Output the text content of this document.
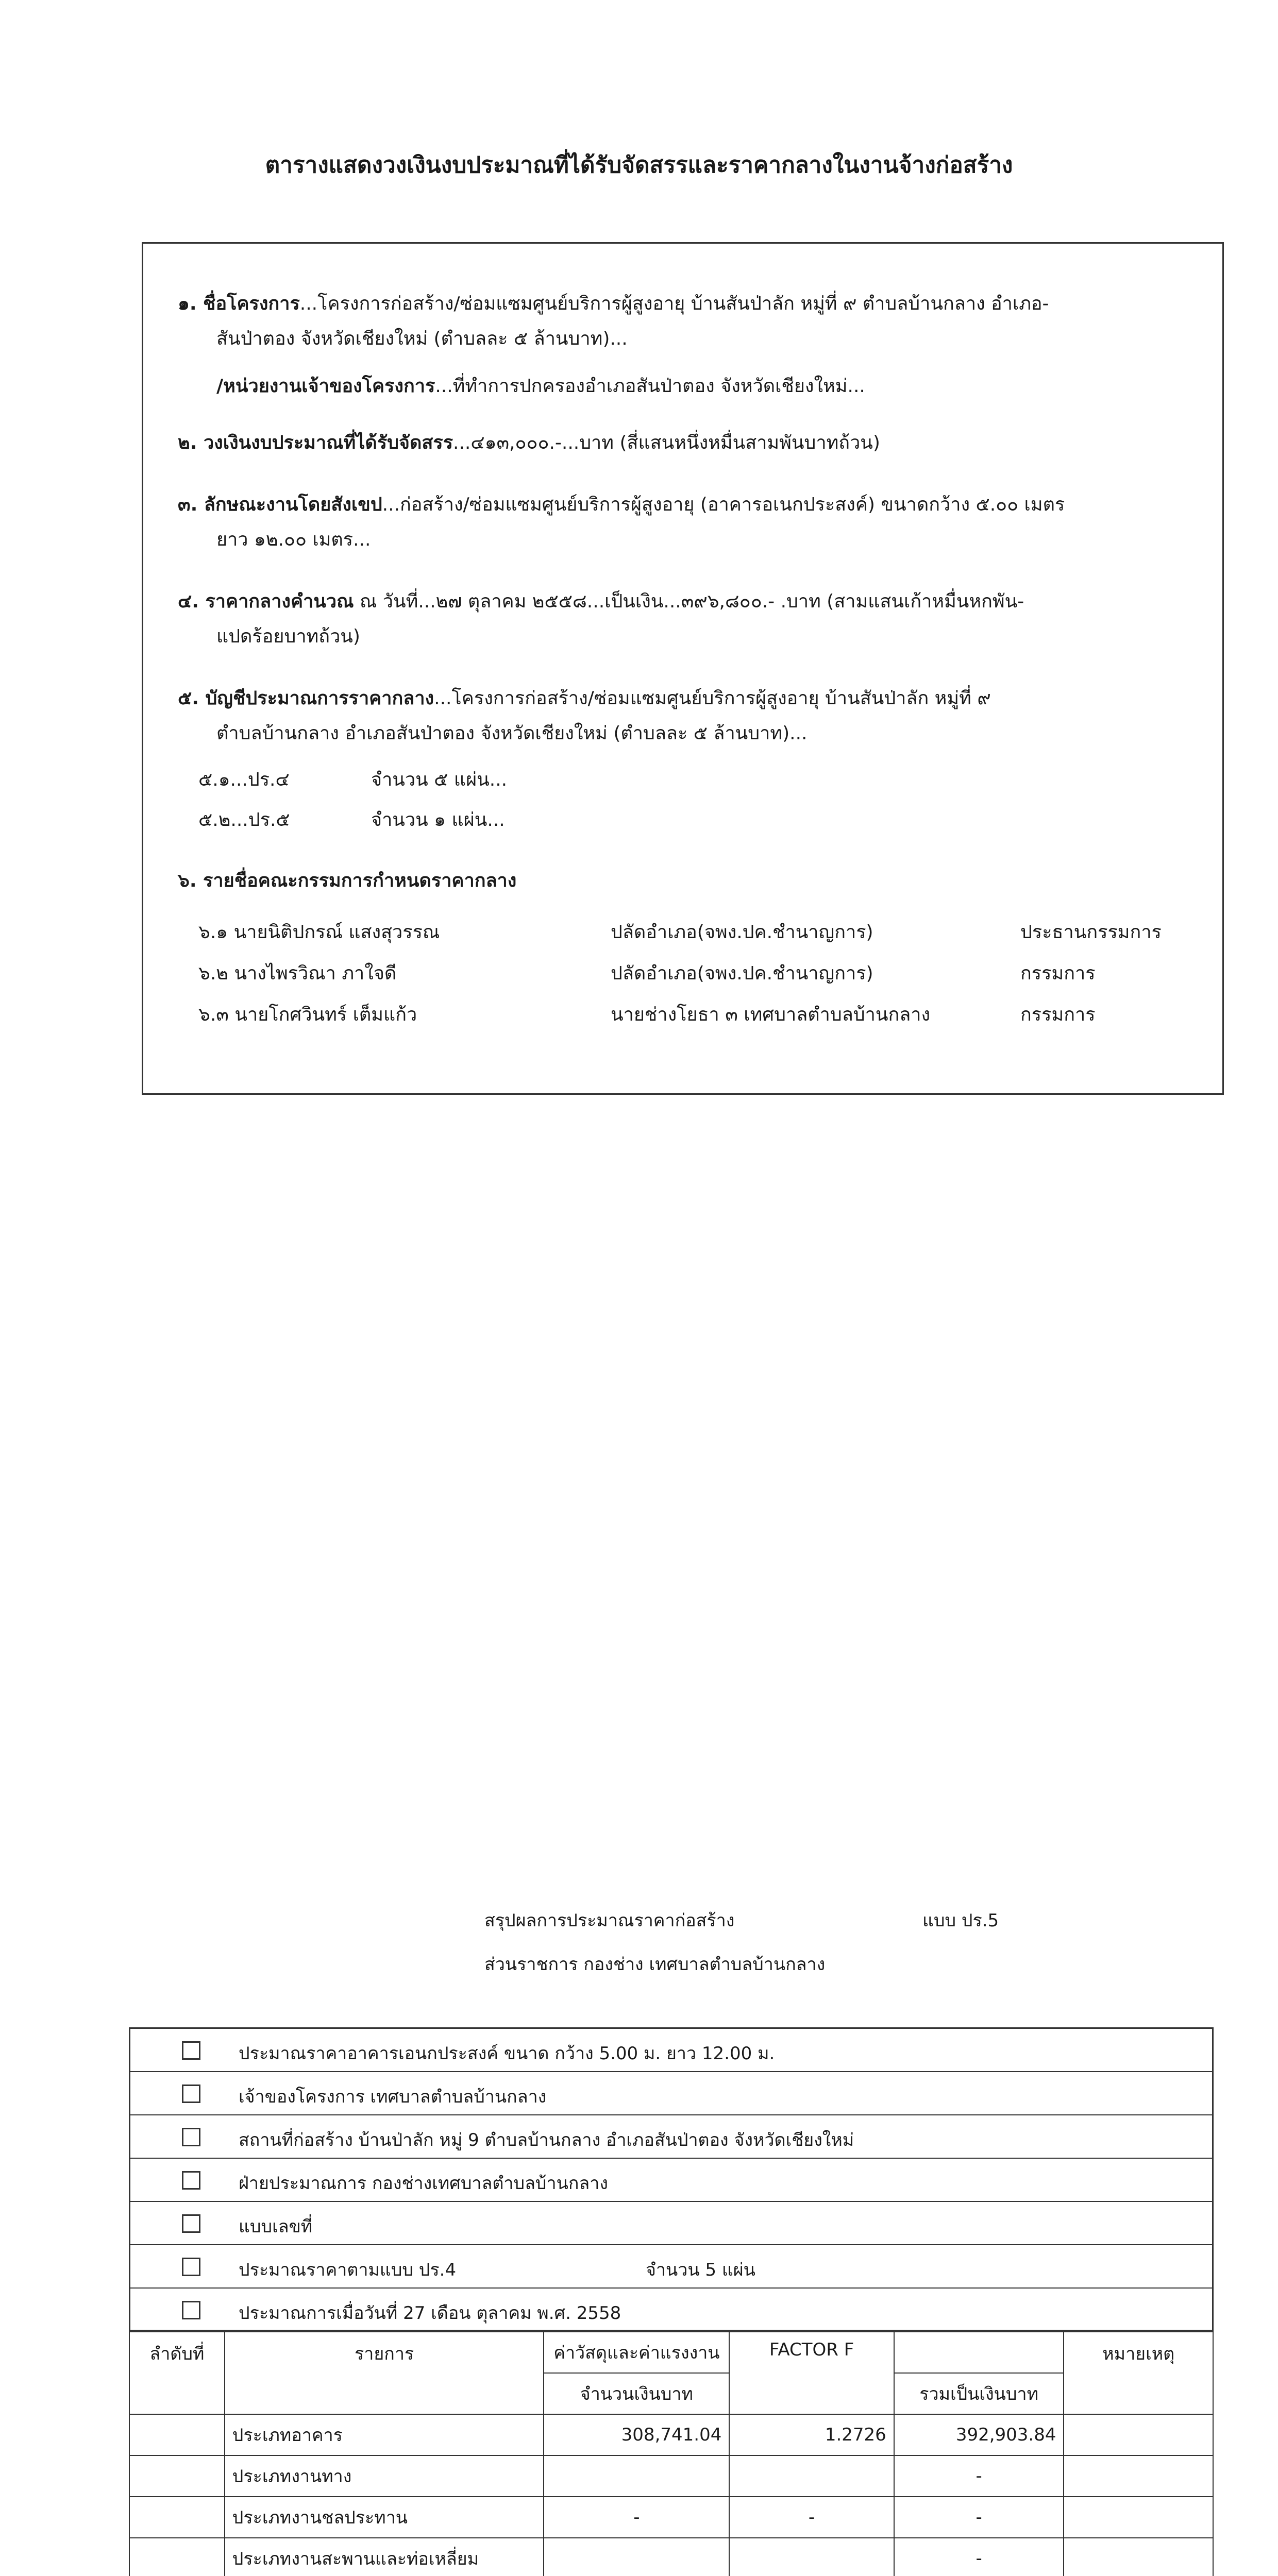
ตารางแสดงวงเงินงบประมาณที่ได้รับจัดสรรและราคากลางในงานจ้างก่อสร้าง
๑. ชื่อโครงการ...โครงการก่อสร้าง/ซ่อมแซมศูนย์บริการผู้สูงอายุ บ้านสันป่าลัก หมู่ที่ ๙ ตำบลบ้านกลาง อำเภอ-
สันป่าตอง จังหวัดเชียงใหม่ (ตำบลละ ๕ ล้านบาท)...
/หน่วยงานเจ้าของโครงการ...ที่ทำการปกครองอำเภอสันป่าตอง จังหวัดเชียงใหม่...
๒. วงเงินงบประมาณที่ได้รับจัดสรร...๔๑๓,๐๐๐.-...บาท (สี่แสนหนึ่งหมื่นสามพันบาทถ้วน)
๓. ลักษณะงานโดยสังเขป...ก่อสร้าง/ซ่อมแซมศูนย์บริการผู้สูงอายุ (อาคารอเนกประสงค์) ขนาดกว้าง ๕.๐๐ เมตร
ยาว ๑๒.๐๐ เมตร...
๔. ราคากลางคำนวณ ณ วันที่...๒๗ ตุลาคม ๒๕๕๘...เป็นเงิน...๓๙๖,๘๐๐.- .บาท (สามแสนเก้าหมื่นหกพัน-
แปดร้อยบาทถ้วน)
๕. บัญชีประมาณการราคากลาง...โครงการก่อสร้าง/ซ่อมแซมศูนย์บริการผู้สูงอายุ บ้านสันป่าลัก หมู่ที่ ๙
ตำบลบ้านกลาง อำเภอสันป่าตอง จังหวัดเชียงใหม่ (ตำบลละ ๕ ล้านบาท)...
๕.๑...ปร.๔	จำนวน ๕ แผ่น...
๕.๒...ปร.๕	จำนวน ๑ แผ่น...
๖. รายชื่อคณะกรรมการกำหนดราคากลาง
๖.๑ นายนิติปกรณ์ แสงสุวรรณ	ปลัดอำเภอ(จพง.ปค.ชำนาญการ)	ประธานกรรมการ
๖.๒ นางไพรวิณา ภาใจดี	ปลัดอำเภอ(จพง.ปค.ชำนาญการ)	กรรมการ
๖.๓ นายโกศวินทร์ เต็มแก้ว	นายช่างโยธา ๓ เทศบาลตำบลบ้านกลาง	กรรมการ
สรุปผลการประมาณราคาก่อสร้าง	แบบ ปร.5
ส่วนราชการ กองช่าง เทศบาลตำบลบ้านกลาง
ประมาณราคาอาคารเอนกประสงค์ ขนาด กว้าง 5.00 ม. ยาว 12.00 ม.
เจ้าของโครงการ เทศบาลตำบลบ้านกลาง
สถานที่ก่อสร้าง บ้านป่าลัก หมู่ 9 ตำบลบ้านกลาง อำเภอสันป่าตอง จังหวัดเชียงใหม่
ฝ่ายประมาณการ กองช่างเทศบาลตำบลบ้านกลาง
แบบเลขที่
ประมาณราคาตามแบบ ปร.4	จำนวน 5 แผ่น
ประมาณการเมื่อวันที่ 27 เดือน ตุลาคม พ.ศ. 2558
ลำดับที่	รายการ	ค่าวัสดุและค่าแรงงาน	FACTOR F		หมายเหตุ
		จำนวนเงินบาท		รวมเป็นเงินบาท	
	ประเภทอาคาร	308,741.04	1.2726	392,903.84	
	ประเภทงานทาง			-	
	ประเภทงานชลประทาน	-	-	-	
	ประเภทงานสะพานและท่อเหลี่ยม			-	
